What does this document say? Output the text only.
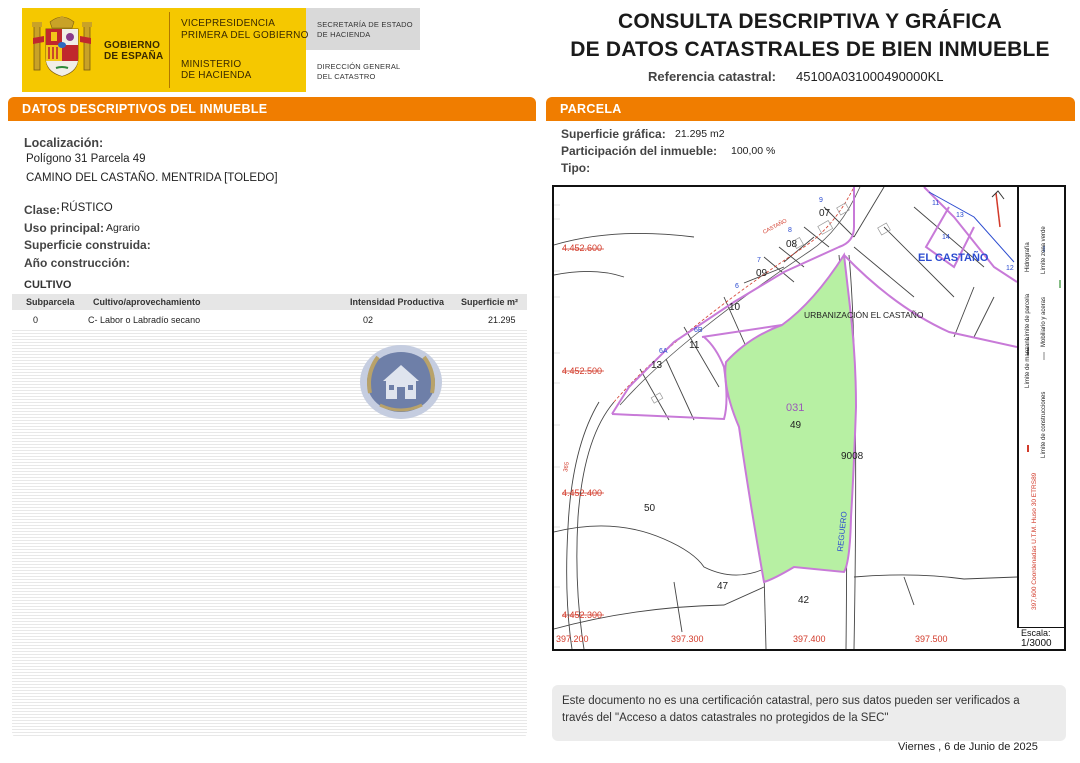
GOBIERNO
DE ESPAÑA
VICEPRESIDENCIA
PRIMERA DEL GOBIERNO
MINISTERIO
DE HACIENDA
SECRETARÍA DE ESTADO
DE HACIENDA
DIRECCIÓN GENERAL
DEL CATASTRO
CONSULTA DESCRIPTIVA Y GRÁFICA
DE DATOS CATASTRALES DE BIEN INMUEBLE
Referencia catastral: 45100A031000490000KL
DATOS DESCRIPTIVOS DEL INMUEBLE
Localización:
Polígono 31 Parcela 49
CAMINO DEL CASTAÑO. MENTRIDA [TOLEDO]
Clase: RÚSTICO
Uso principal: Agrario
Superficie construida:
Año construcción:
CULTIVO
Subparcela Cultivo/aprovechamiento	Intensidad Productiva Superficie m²
0	C- Labor o Labradío secano	02	21.295
PARCELA
Superficie gráfica: 21.295 m2
Participación del inmueble: 100,00 %
Tipo:
4.452.600
4.452.500
4.452.400
4.452.300
397.200	397.300	397.400	397.500
07
08
09
10
11
13
031
49
9008
50
47
42
CASTAÑO
EL CASTAÑO
URBANIZACIÓN EL CASTAÑO
REGUERO
9
8
7
6
6B
6A
11
13
14
12
365
Escala:
1/3000
Este documento no es una certificación catastral, pero sus datos pueden ser verificados a
través del "Acceso a datos catastrales no protegidos de la SEC"
Viernes , 6 de Junio de 2025
